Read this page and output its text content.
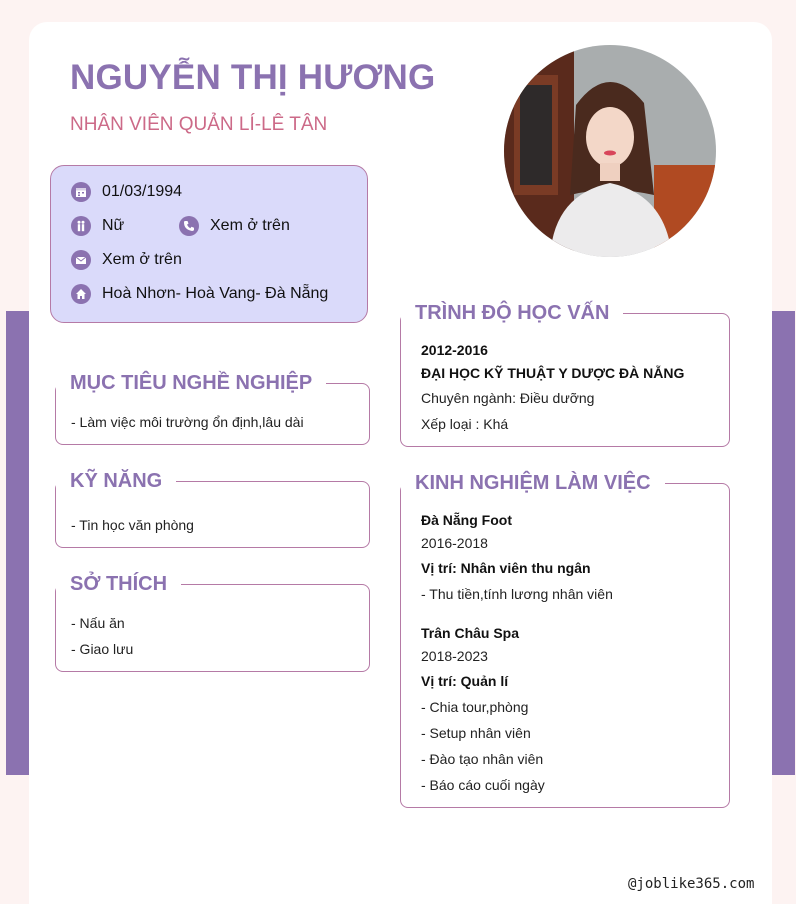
NGUYỄN THỊ HƯƠNG
NHÂN VIÊN QUẢN LÍ-LÊ TÂN
01/03/1994
Nữ	Xem ở trên
Xem ở trên
Hoà Nhơn- Hoà Vang- Đà Nẵng
MỤC TIÊU NGHỀ NGHIỆP
- Làm việc môi trường ổn định,lâu dài
KỸ NĂNG
- Tin học văn phòng
SỞ THÍCH
- Nấu ăn
- Giao lưu
TRÌNH ĐỘ HỌC VẤN
2012-2016
ĐẠI HỌC KỸ THUẬT Y DƯỢC ĐÀ NẴNG
Chuyên ngành: Điều dưỡng
Xếp loại : Khá
KINH NGHIỆM LÀM VIỆC
Đà Nẵng Foot
2016-2018
Vị trí: Nhân viên thu ngân
- Thu tiền,tính lương nhân viên
Trân Châu Spa
2018-2023
Vị trí: Quản lí
- Chia tour,phòng
- Setup nhân viên
- Đào tạo nhân viên
- Báo cáo cuối ngày
@joblike365.com
